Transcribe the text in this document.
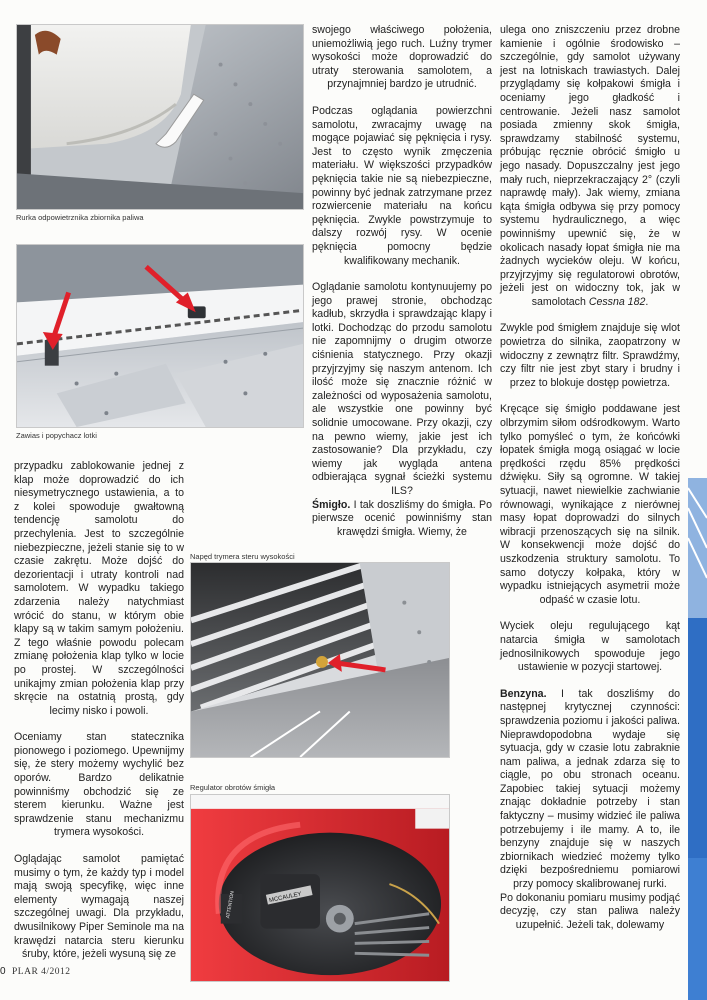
Rurka odpowietrznika zbiornika paliwa
Zawias i popychacz lotki
Napęd trymera steru wysokości
Regulator obrotów śmigła
MCCAULEY
ATTENTION

przypadku zablokowanie jednej z klap może doprowadzić do ich niesymetrycznego ustawienia, a to z kolei spowoduje gwałtowną tendencję samolotu do przechylenia. Jest to szczególnie niebezpieczne, jeżeli stanie się to w czasie zakrętu. Może dojść do dezorientacji i utraty kontroli nad samolotem. W wypadku takiego zdarzenia należy natychmiast wrócić do stanu, w którym obie klapy są w takim samym położeniu. Z tego właśnie powodu polecam zmianę położenia klap tylko w locie po prostej. W szczególności unikajmy zmian położenia klap przy skręcie na ostatnią prostą, gdy lecimy nisko i powoli.

Oceniamy stan statecznika pionowego i poziomego. Upewnijmy się, że stery możemy wychylić bez oporów. Bardzo delikatnie powinniśmy obchodzić się ze sterem kierunku. Ważne jest sprawdzenie stanu mechanizmu trymera wysokości.

Oglądając samolot pamiętać musimy o tym, że każdy typ i model mają swoją specyfikę, więc inne elementy wymagają naszej szczególnej uwagi. Dla przykładu, dwusilnikowy Piper Seminole ma na krawędzi natarcia steru kierunku śruby, które, jeżeli wysuną się ze

swojego właściwego położenia, uniemożliwią jego ruch. Luźny trymer wysokości może doprowadzić do utraty sterowania samolotem, a przynajmniej bardzo je utrudnić.

Podczas oglądania powierzchni samolotu, zwracajmy uwagę na mogące pojawiać się pęknięcia i rysy. Jest to często wynik zmęczenia materiału. W większości przypadków pęknięcia takie nie są niebezpieczne, powinny być jednak zatrzymane przez rozwiercenie materiału na końcu pęknięcia. Zwykle powstrzymuje to dalszy rozwój rysy. W ocenie pęknięcia pomocny będzie kwalifikowany mechanik.

Oglądanie samolotu kontynuujemy po jego prawej stronie, obchodząc kadłub, skrzydła i sprawdzając klapy i lotki. Dochodząc do przodu samolotu nie zapomnijmy o drugim otworze ciśnienia statycznego. Przy okazji przyjrzyjmy się naszym antenom. Ich ilość może się znacznie różnić w zależności od wyposażenia samolotu, ale wszystkie one powinny być solidnie umocowane. Przy okazji, czy na pewno wiemy, jakie jest ich zastosowanie? Dla przykładu, czy wiemy jak wygląda antena odbierająca sygnał ścieżki systemu ILS?

Śmigło. I tak doszliśmy do śmigła. Po pierwsze ocenić powinniśmy stan krawędzi śmigła. Wiemy, że

ulega ono zniszczeniu przez drobne kamienie i ogólnie środowisko – szczególnie, gdy samolot używany jest na lotniskach trawiastych. Dalej przyglądamy się kołpakowi śmigła i oceniamy jego gładkość i centrowanie. Jeżeli nasz samolot posiada zmienny skok śmigła, sprawdzamy stabilność systemu, próbując ręcznie obrócić śmigło u jego nasady. Dopuszczalny jest jego mały ruch, nieprzekraczający 2° (czyli naprawdę mały). Jak wiemy, zmiana kąta śmigła odbywa się przy pomocy systemu hydraulicznego, a więc powinniśmy upewnić się, że w okolicach nasady łopat śmigła nie ma żadnych wycieków oleju. W końcu, przyjrzyjmy się regulatorowi obrotów, jeżeli jest on widoczny tok, jak w samolotach Cessna 182.

Zwykle pod śmigłem znajduje się wlot powietrza do silnika, zaopatrzony w widoczny z zewnątrz filtr. Sprawdźmy, czy filtr nie jest zbyt stary i brudny i przez to blokuje dostęp powietrza.

Kręcące się śmigło poddawane jest olbrzymim siłom odśrodkowym. Warto tylko pomyśleć o tym, że końcówki łopatek śmigła mogą osiągać w locie prędkości rzędu 85% prędkości dźwięku. Siły są ogromne. W takiej sytuacji, nawet niewielkie zachwianie równowagi, wynikające z nierównej masy łopat doprowadzi do silnych wibracji przenoszących się na silnik. W konsekwencji może dojść do uszkodzenia struktury samolotu. To samo dotyczy kołpaka, który w wypadku istniejących asymetrii może odpaść w czasie lotu.

Wyciek oleju regulującego kąt natarcia śmigła w samolotach jednosilnikowych spowoduje jego ustawienie w pozycji startowej.

Benzyna. I tak doszliśmy do następnej krytycznej czynności: sprawdzenia poziomu i jakości paliwa. Nieprawdopodobna wydaje się sytuacja, gdy w czasie lotu zabraknie nam paliwa, a jednak zdarza się to ciągle, po obu stronach oceanu. Zapobiec takiej sytuacji możemy znając dokładnie potrzeby i stan faktyczny – musimy widzieć ile paliwa potrzebujemy i ile mamy. A to, ile benzyny znajduje się w naszych zbiornikach wiedzieć możemy tylko dzięki bezpośredniemu pomiarowi przy pomocy skalibrowanej rurki.

Po dokonaniu pomiaru musimy podjąć decyzję, czy stan paliwa należy uzupełnić. Jeżeli tak, dolewamy

0 PLAR 4/2012
